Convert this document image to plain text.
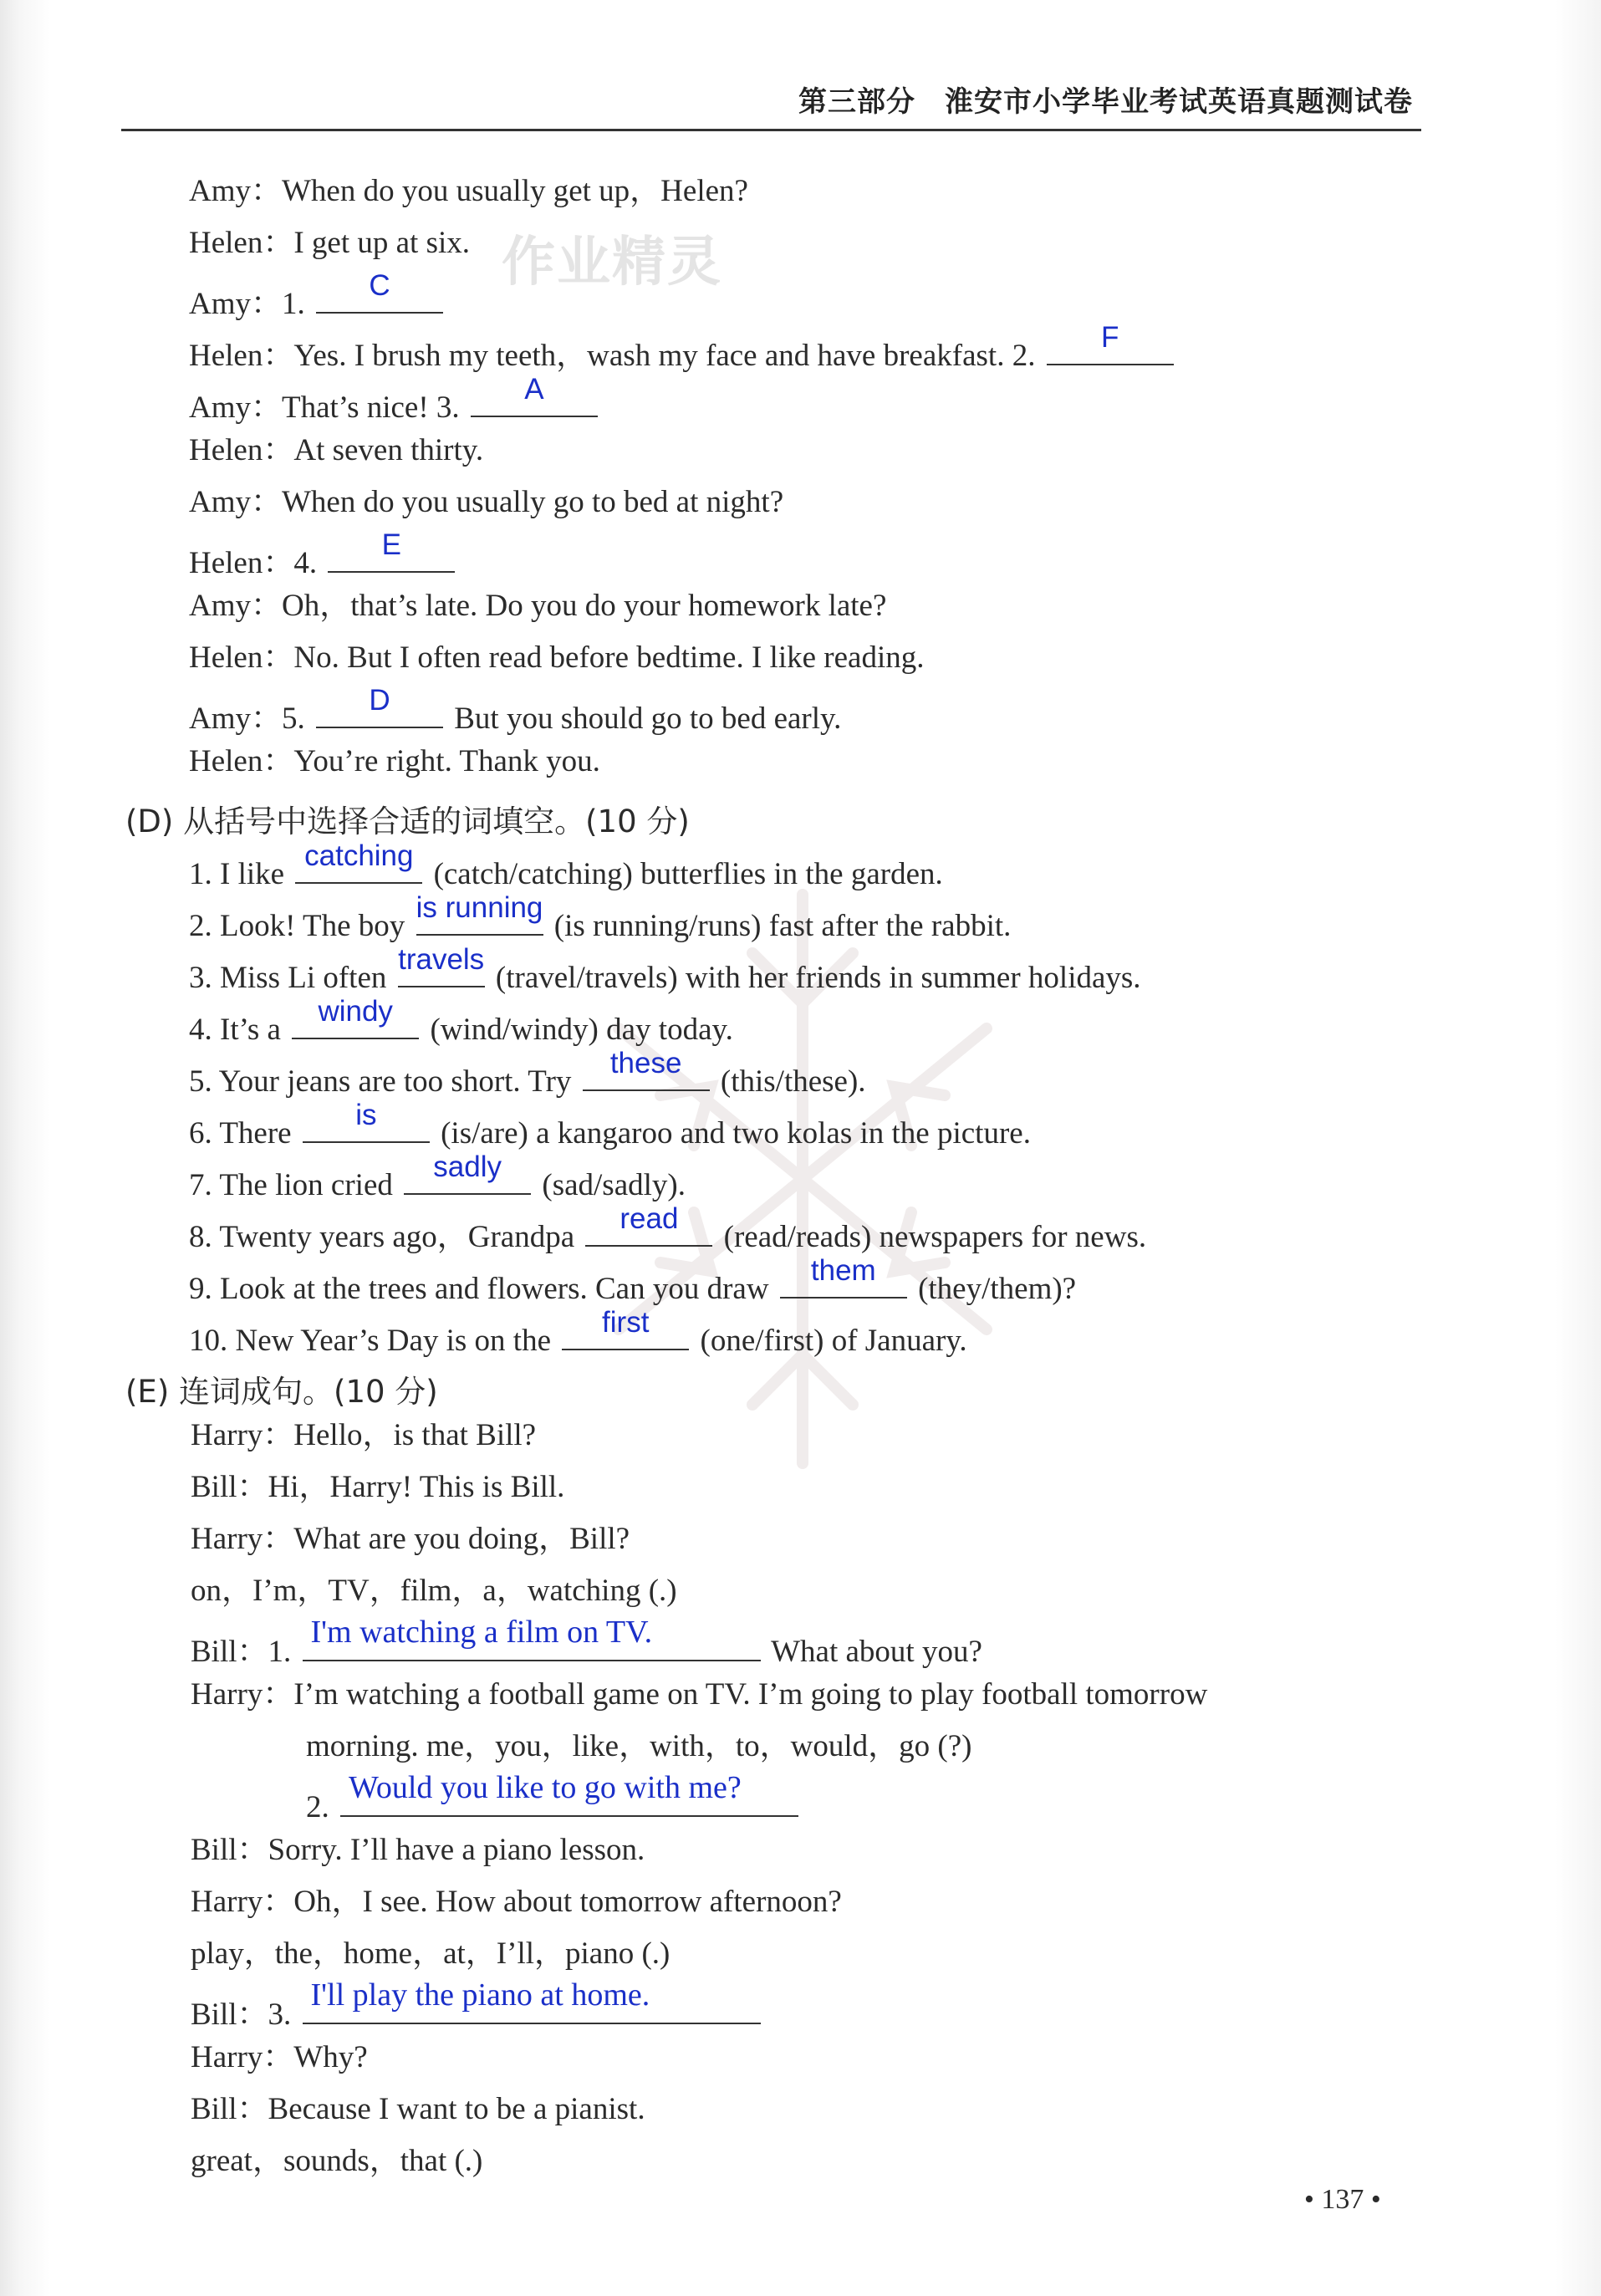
第三部分　淮安市小学毕业考试英语真题测试卷
作业精灵
Amy：When do you usually get up，Helen?
Helen：I get up at six.
Amy：1.
C
Helen：Yes. I brush my teeth，wash my face and have breakfast. 2.
F
Amy：That’s nice! 3.
A
Helen：At seven thirty.
Amy：When do you usually go to bed at night?
Helen：4.
E
Amy：Oh，that’s late. Do you do your homework late?
Helen：No. But I often read before bedtime. I like reading.
Amy：5.
D
But you should go to bed early.
Helen：You’re right. Thank you.
(D) 从括号中选择合适的词填空。(10 分)
1. I like
catching
(catch/catching) butterflies in the garden.
2. Look! The boy
is running
(is running/runs) fast after the rabbit.
3. Miss Li often
travels
(travel/travels) with her friends in summer holidays.
4. It’s a
windy
(wind/windy) day today.
5. Your jeans are too short. Try
these
(this/these).
6. There
is
(is/are) a kangaroo and two kolas in the picture.
7. The lion cried
sadly
(sad/sadly).
8. Twenty years ago，Grandpa
read
(read/reads) newspapers for news.
9. Look at the trees and flowers. Can you draw
them
(they/them)?
10. New Year’s Day is on the
first
(one/first) of January.
(E) 连词成句。(10 分)
Harry：Hello，is that Bill?
Bill：Hi，Harry! This is Bill.
Harry：What are you doing，Bill?
on，I’m，TV，film，a，watching (.)
Bill：1.
I'm watching a film on TV.
What about you?
Harry：I’m watching a football game on TV. I’m going to play football tomorrow
morning. me，you，like，with，to，would，go (?)
2.
Would you like to go with me?
Bill：Sorry. I’ll have a piano lesson.
Harry：Oh，I see. How about tomorrow afternoon?
play，the，home，at，I’ll，piano (.)
Bill：3.
I'll play the piano at home.
Harry：Why?
Bill：Because I want to be a pianist.
great，sounds，that (.)
• 137 •
